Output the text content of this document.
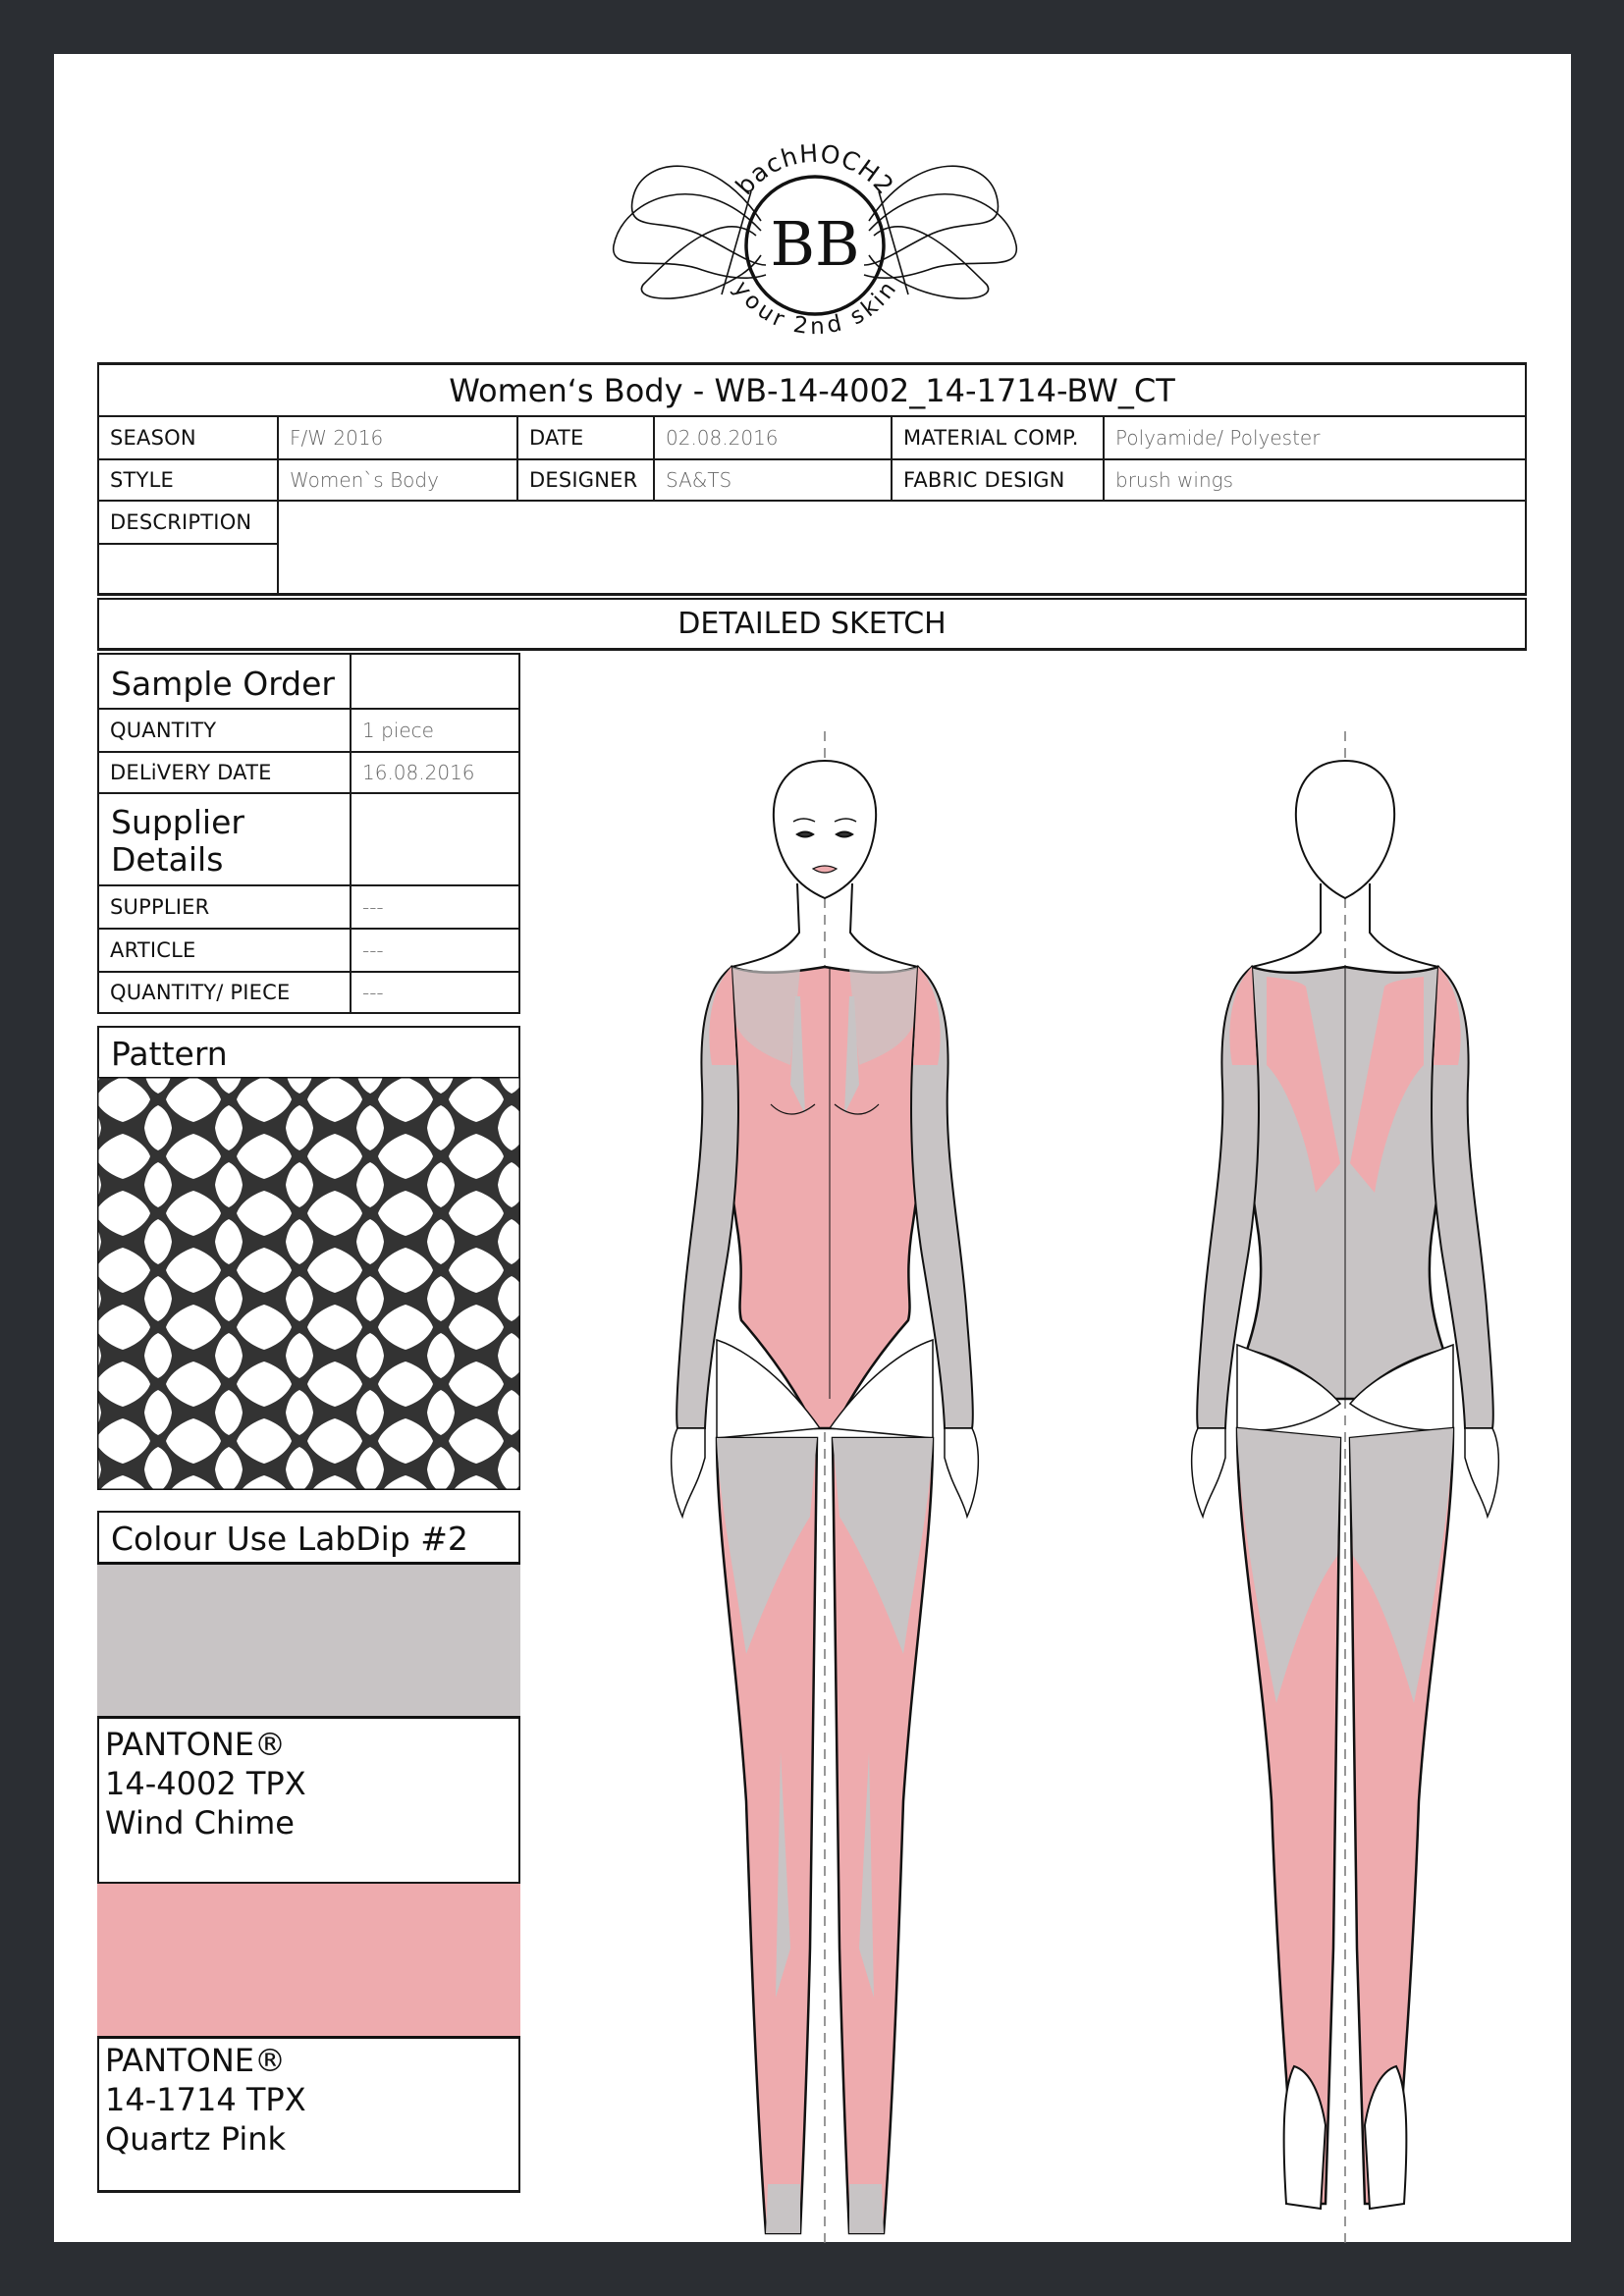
BB
bachHOCH2
your 2nd skin
Women‘s Body - WB-14-4002_14-1714-BW_CT
SEASON	F/W 2016	DATE	02.08.2016	MATERIAL COMP.	Polyamide/ Polyester
STYLE	Women`s Body	DESIGNER	SA&TS	FABRIC DESIGN	brush wings
DESCRIPTION
DETAILED SKETCH
Sample Order
QUANTITY	1 piece
DELiVERY DATE	16.08.2016
Supplier
Details
SUPPLIER	---
ARTICLE	---
QUANTITY/ PIECE	---
Pattern
Colour Use LabDip #2
PANTONE®
14-4002 TPX
Wind Chime
PANTONE®
14-1714 TPX
Quartz Pink
